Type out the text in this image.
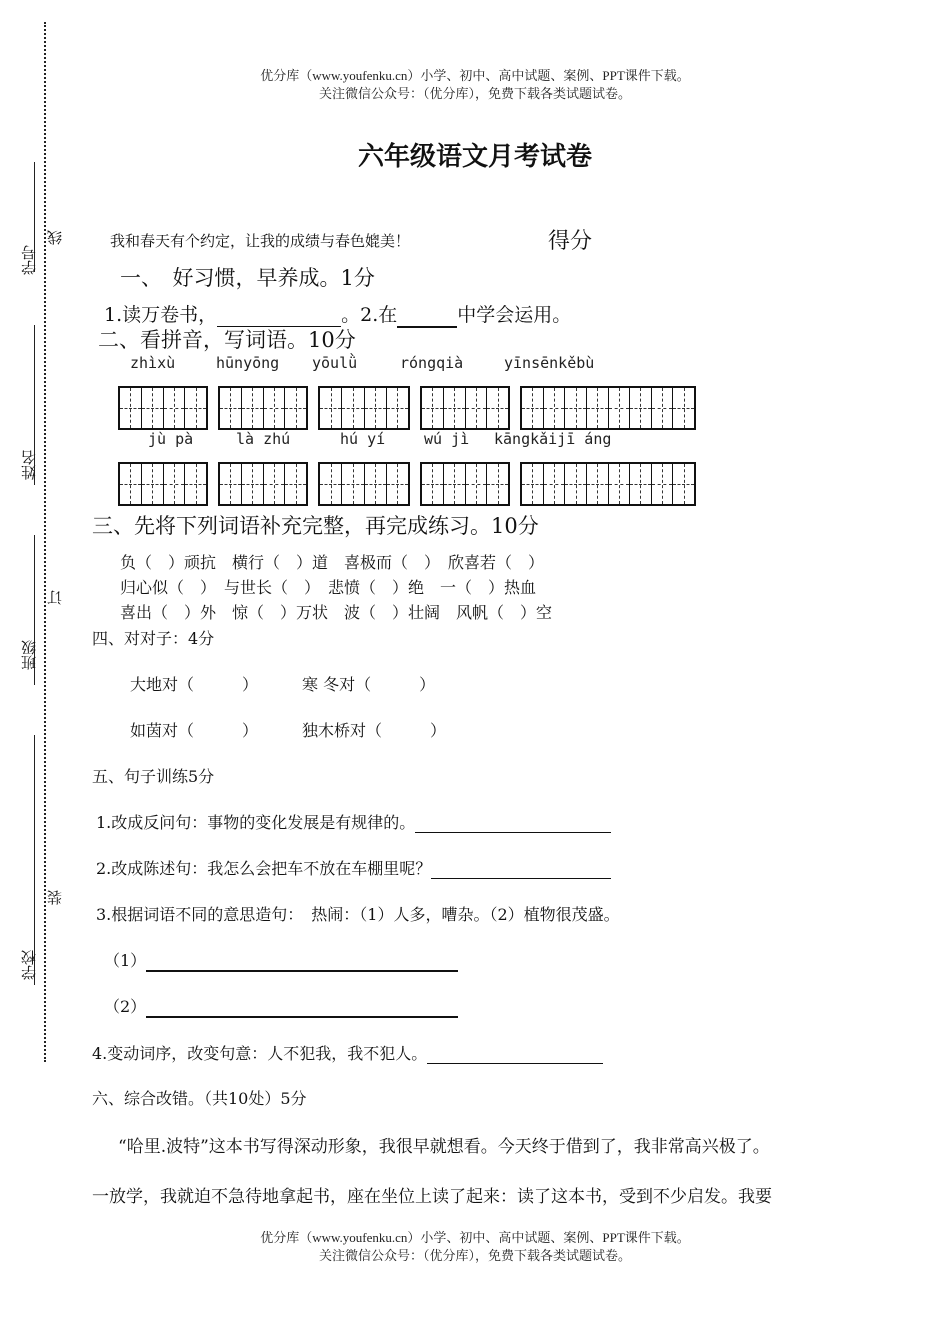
学号
线
姓名
订
班级
装
学校
优分库（www.youfenku.cn）小学、初中、高中试题、案例、PPT课件下载。
关注微信公众号：（优分库），免费下载各类试题试卷。
六年级语文月考试卷
我和春天有个约定，让我的成绩与春色媲美！	得分
一、　好习惯，早养成。1分
1.读万卷书，	。2.在	中学会运用。
二、看拼音，写词语。10分
zhìxù	hūnyōng yōulǜ	róngqià	yīnsēnkěbù
jù pà	là zhú	hú yí	wú jì kāngkǎijī áng
三、先将下列词语补充完整，再完成练习。10分
负（　）顽抗　横行（　）道　喜极而（　）　欣喜若（　）
归心似（　）　与世长（　）　悲愤（　）绝　一（　）热血
喜出（　）外　惊（　）万状　波（　）壮阔　风帆（　）空
四、对对子：4分
大地对（　　　）	寒 冬对（　　　）
如茵对（　　　）	独木桥对（　　　）
五、句子训练5分
1.改成反问句：事物的变化发展是有规律的。
2.改成陈述句：我怎么会把车不放在车棚里呢？
3.根据词语不同的意思造句：　热闹：（1）人多，嘈杂。（2）植物很茂盛。
（1）
（2）
4.变动词序，改变句意：人不犯我，我不犯人。
六、综合改错。（共10处）5分
“哈里.波特”这本书写得深动形象，我很早就想看。今天终于借到了，我非常高兴极了。
一放学，我就迫不急待地拿起书，座在坐位上读了起来：读了这本书，受到不少启发。我要
优分库（www.youfenku.cn）小学、初中、高中试题、案例、PPT课件下载。
关注微信公众号：（优分库），免费下载各类试题试卷。
